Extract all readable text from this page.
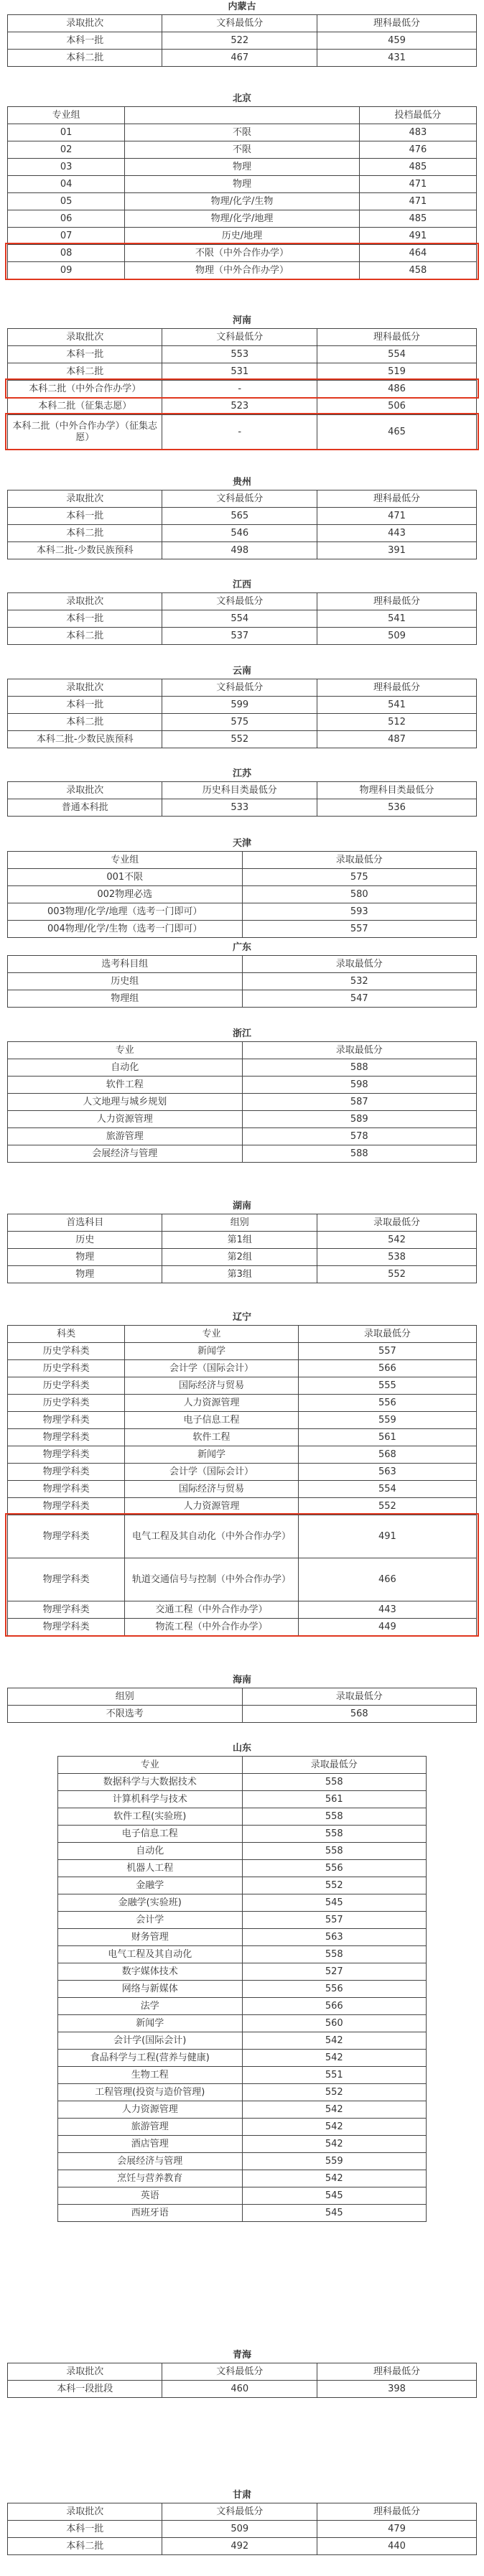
内蒙古
录取批次	文科最低分	理科最低分
本科一批	522	459
本科二批	467	431
北京
专业组		投档最低分
01	不限	483
02	不限	476
03	物理	485
04	物理	471
05	物理/化学/生物	471
06	物理/化学/地理	485
07	历史/地理	491
08	不限（中外合作办学）	464
09	物理（中外合作办学）	458
河南
录取批次	文科最低分	理科最低分
本科一批	553	554
本科二批	531	519
本科二批（中外合作办学）	-	486
本科二批（征集志愿）	523	506
本科二批（中外合作办学）（征集志愿）	-	465
贵州
录取批次	文科最低分	理科最低分
本科一批	565	471
本科二批	546	443
本科二批-少数民族预科	498	391
江西
录取批次	文科最低分	理科最低分
本科一批	554	541
本科二批	537	509
云南
录取批次	文科最低分	理科最低分
本科一批	599	541
本科二批	575	512
本科二批-少数民族预科	552	487
江苏
录取批次	历史科目类最低分	物理科目类最低分
普通本科批	533	536
天津
专业组	录取最低分
001不限	575
002物理必选	580
003物理/化学/地理（选考一门即可）	593
004物理/化学/生物（选考一门即可）	557
广东
选考科目组	录取最低分
历史组	532
物理组	547
浙江
专业	录取最低分
自动化	588
软件工程	598
人文地理与城乡规划	587
人力资源管理	589
旅游管理	578
会展经济与管理	588
湖南
首选科目	组别	录取最低分
历史	第1组	542
物理	第2组	538
物理	第3组	552
辽宁
科类	专业	录取最低分
历史学科类	新闻学	557
历史学科类	会计学（国际会计）	566
历史学科类	国际经济与贸易	555
历史学科类	人力资源管理	556
物理学科类	电子信息工程	559
物理学科类	软件工程	561
物理学科类	新闻学	568
物理学科类	会计学（国际会计）	563
物理学科类	国际经济与贸易	554
物理学科类	人力资源管理	552
物理学科类	电气工程及其自动化（中外合作办学）	491
物理学科类	轨道交通信号与控制（中外合作办学）	466
物理学科类	交通工程（中外合作办学）	443
物理学科类	物流工程（中外合作办学）	449
海南
组别	录取最低分
不限选考	568
山东
专业	录取最低分
数据科学与大数据技术	558
计算机科学与技术	561
软件工程(实验班)	558
电子信息工程	558
自动化	558
机器人工程	556
金融学	552
金融学(实验班)	545
会计学	557
财务管理	563
电气工程及其自动化	558
数字媒体技术	527
网络与新媒体	556
法学	566
新闻学	560
会计学(国际会计)	542
食品科学与工程(营养与健康)	542
生物工程	551
工程管理(投资与造价管理)	552
人力资源管理	542
旅游管理	542
酒店管理	542
会展经济与管理	559
烹饪与营养教育	542
英语	545
西班牙语	545
青海
录取批次	文科最低分	理科最低分
本科一段批段	460	398
甘肃
录取批次	文科最低分	理科最低分
本科一批	509	479
本科二批	492	440
